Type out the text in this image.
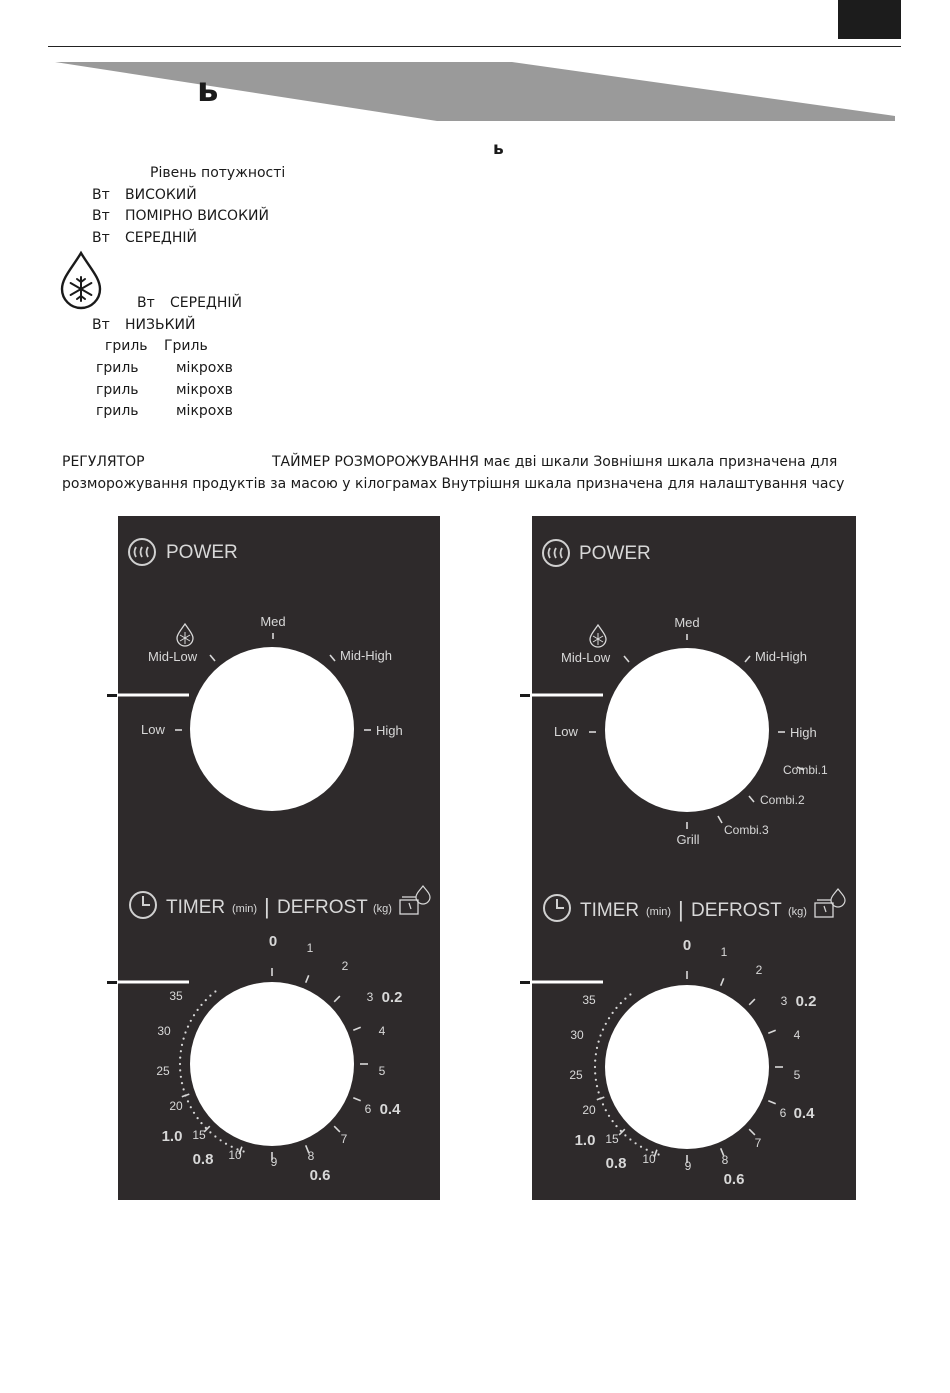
ь
ь
Рівень потужності
Вт ВИСОКИЙ
Вт ПОМІРНО ВИСОКИЙ
Вт СЕРЕДНІЙ
Вт СЕРЕДНІЙ
Вт НИЗЬКИЙ
гриль Гриль
гриль	мікрохв
гриль	мікрохв
гриль	мікрохв
РЕГУЛЯТОР	ТАЙМЕР РОЗМОРОЖУВАННЯ має дві шкали Зовнішня шкала призначена для
розморожування продуктів за масою у кілограмах Внутрішня шкала призначена для налаштування часу
POWER
Med
Mid-Low	Mid-High
Low	High
TIMER (min) | DEFROST (kg)
0 1
2
3
4
5
6
7
8
9
10
15
20
25
30
35	0.2
0.4
0.6
0.8
1.0
POWER
Med
Mid-Low	Mid-High
Low	High
Combi.1
Combi.2
Combi.3
Grill
TIMER (min) | DEFROST (kg)
0 1
2
3
4
5
6
7
8
9
10
15
20
25
30
35	0.2
0.4
0.6
0.8
1.0
